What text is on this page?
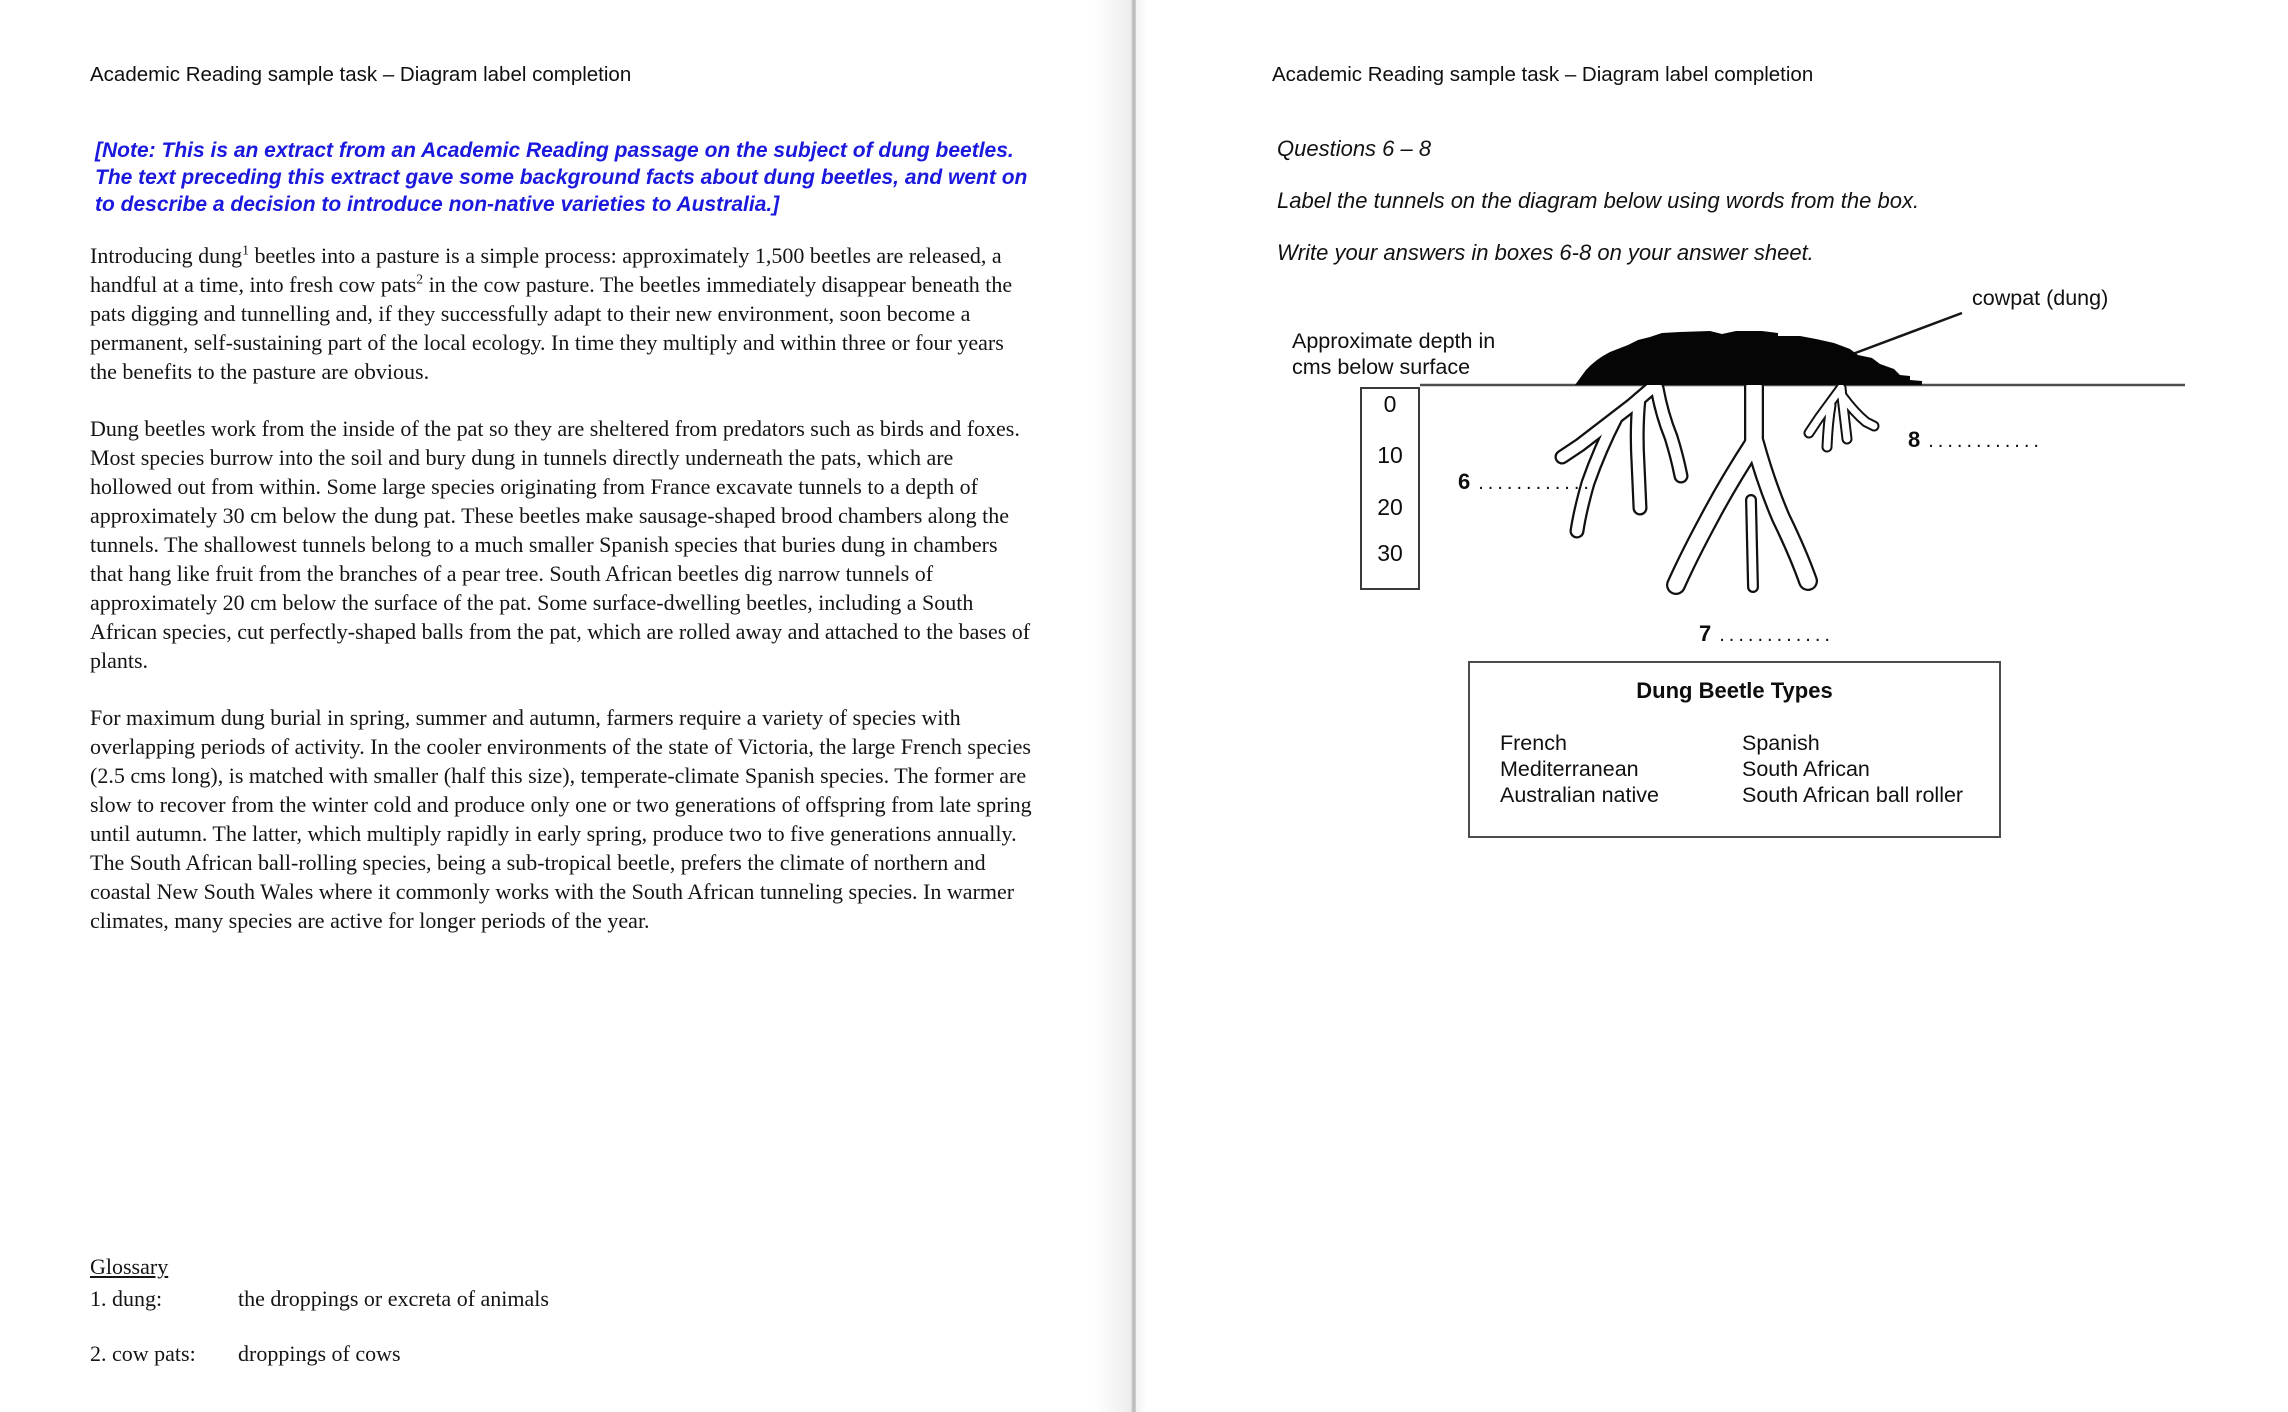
Academic Reading sample task – Diagram label completion
[Note: This is an extract from an Academic Reading passage on the subject of dung beetles. The text preceding this extract gave some background facts about dung beetles, and went on to describe a decision to introduce non-native varieties to Australia.]

Introducing dung$^1$ beetles into a pasture is a simple process: approximately 1,500 beetles are released, a handful at a time, into fresh cow pats$^2$ in the cow pasture. The beetles immediately disappear beneath the pats digging and tunnelling and, if they successfully adapt to their new environment, soon become a permanent, self-sustaining part of the local ecology. In time they multiply and within three or four years the benefits to the pasture are obvious.

Dung beetles work from the inside of the pat so they are sheltered from predators such as birds and foxes. Most species burrow into the soil and bury dung in tunnels directly underneath the pats, which are hollowed out from within. Some large species originating from France excavate tunnels to a depth of approximately 30 cm below the dung pat. These beetles make sausage-shaped brood chambers along the tunnels. The shallowest tunnels belong to a much smaller Spanish species that buries dung in chambers that hang like fruit from the branches of a pear tree. South African beetles dig narrow tunnels of approximately 20 cm below the surface of the pat. Some surface-dwelling beetles, including a South African species, cut perfectly-shaped balls from the pat, which are rolled away and attached to the bases of plants.

For maximum dung burial in spring, summer and autumn, farmers require a variety of species with overlapping periods of activity. In the cooler environments of the state of Victoria, the large French species (2.5 cms long), is matched with smaller (half this size), temperate-climate Spanish species. The former are slow to recover from the winter cold and produce only one or two generations of offspring from late spring until autumn. The latter, which multiply rapidly in early spring, produce two to five generations annually. The South African ball-rolling species, being a sub-tropical beetle, prefers the climate of northern and coastal New South Wales where it commonly works with the South African tunneling species. In warmer climates, many species are active for longer periods of the year.

Glossary
1. dung:	the droppings or excreta of animals
2. cow pats: droppings of cows
Academic Reading sample task – Diagram label completion
Questions 6 – 8
Label the tunnels on the diagram below using words from the box.
Write your answers in boxes 6-8 on your answer sheet.
cowpat (dung)
Approximate depth in
cms below surface
0
10
20
30
6 ............
7 ............
8 ............
Dung Beetle Types
French
Mediterranean
Australian native
Spanish
South African
South African ball roller
